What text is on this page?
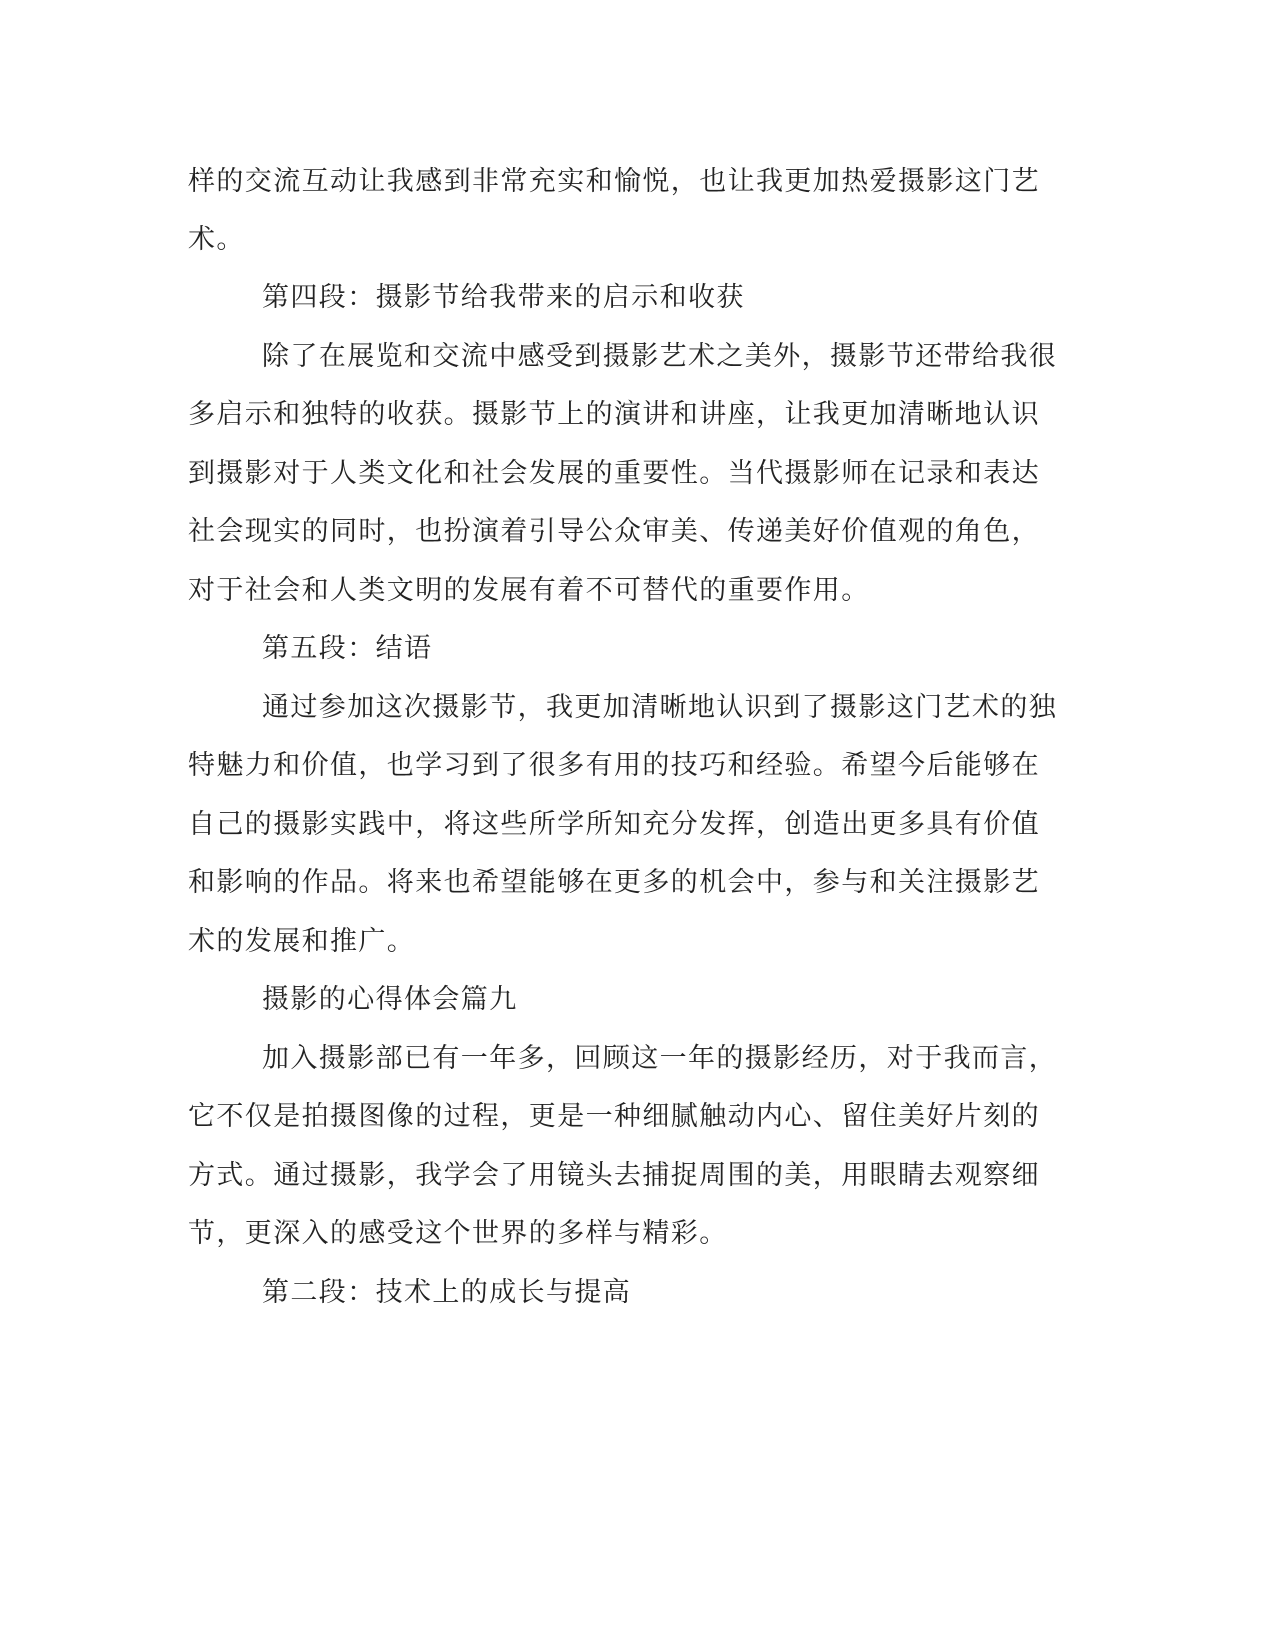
样的交流互动让我感到非常充实和愉悦，也让我更加热爱摄影这门艺
术。
第四段：摄影节给我带来的启示和收获
除了在展览和交流中感受到摄影艺术之美外，摄影节还带给我很
多启示和独特的收获。摄影节上的演讲和讲座，让我更加清晰地认识
到摄影对于人类文化和社会发展的重要性。当代摄影师在记录和表达
社会现实的同时，也扮演着引导公众审美、传递美好价值观的角色，
对于社会和人类文明的发展有着不可替代的重要作用。
第五段：结语
通过参加这次摄影节，我更加清晰地认识到了摄影这门艺术的独
特魅力和价值，也学习到了很多有用的技巧和经验。希望今后能够在
自己的摄影实践中，将这些所学所知充分发挥，创造出更多具有价值
和影响的作品。将来也希望能够在更多的机会中，参与和关注摄影艺
术的发展和推广。
摄影的心得体会篇九
加入摄影部已有一年多，回顾这一年的摄影经历，对于我而言，
它不仅是拍摄图像的过程，更是一种细腻触动内心、留住美好片刻的
方式。通过摄影，我学会了用镜头去捕捉周围的美，用眼睛去观察细
节，更深入的感受这个世界的多样与精彩。
第二段：技术上的成长与提高
